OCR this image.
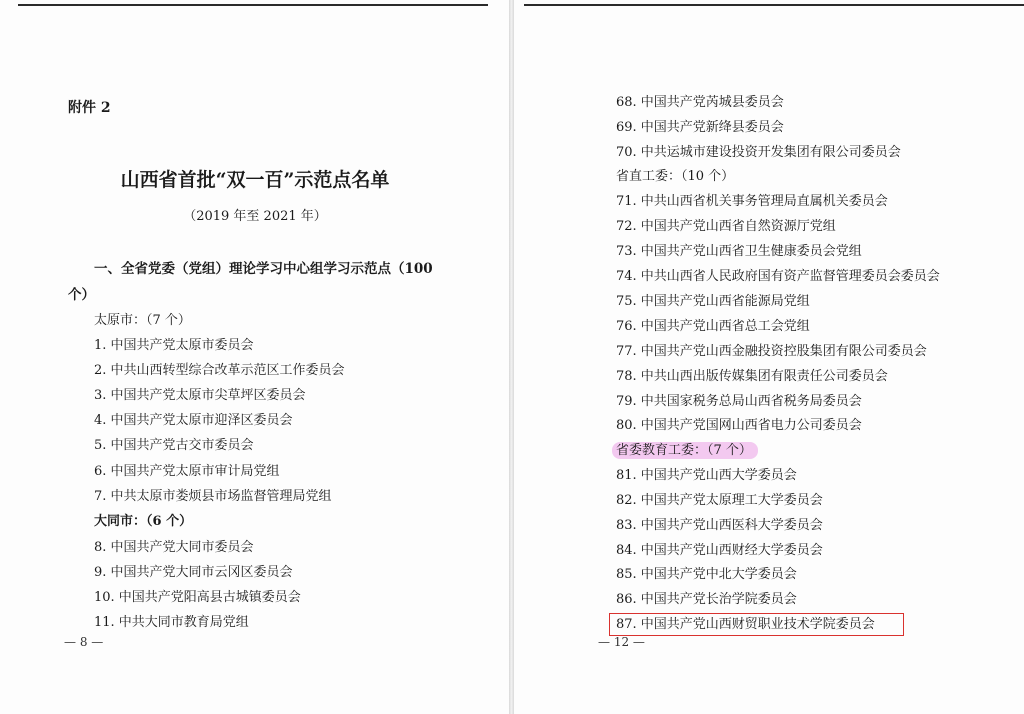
附件 2
山西省首批“双一百”示范点名单
（2019 年至 2021 年）
一、全省党委（党组）理论学习中心组学习示范点（100
个）
太原市：（7 个）
1. 中国共产党太原市委员会
2. 中共山西转型综合改革示范区工作委员会
3. 中国共产党太原市尖草坪区委员会
4. 中国共产党太原市迎泽区委员会
5. 中国共产党古交市委员会
6. 中国共产党太原市审计局党组
7. 中共太原市娄烦县市场监督管理局党组
大同市：（6 个）
8. 中国共产党大同市委员会
9. 中国共产党大同市云冈区委员会
10. 中国共产党阳高县古城镇委员会
11. 中共大同市教育局党组
— 8 —
68. 中国共产党芮城县委员会
69. 中国共产党新绛县委员会
70. 中共运城市建设投资开发集团有限公司委员会
省直工委：（10 个）
71. 中共山西省机关事务管理局直属机关委员会
72. 中国共产党山西省自然资源厅党组
73. 中国共产党山西省卫生健康委员会党组
74. 中共山西省人民政府国有资产监督管理委员会委员会
75. 中国共产党山西省能源局党组
76. 中国共产党山西省总工会党组
77. 中国共产党山西金融投资控股集团有限公司委员会
78. 中共山西出版传媒集团有限责任公司委员会
79. 中共国家税务总局山西省税务局委员会
80. 中国共产党国网山西省电力公司委员会
省委教育工委：（7 个）
81. 中国共产党山西大学委员会
82. 中国共产党太原理工大学委员会
83. 中国共产党山西医科大学委员会
84. 中国共产党山西财经大学委员会
85. 中国共产党中北大学委员会
86. 中国共产党长治学院委员会
87. 中国共产党山西财贸职业技术学院委员会
— 12 —
